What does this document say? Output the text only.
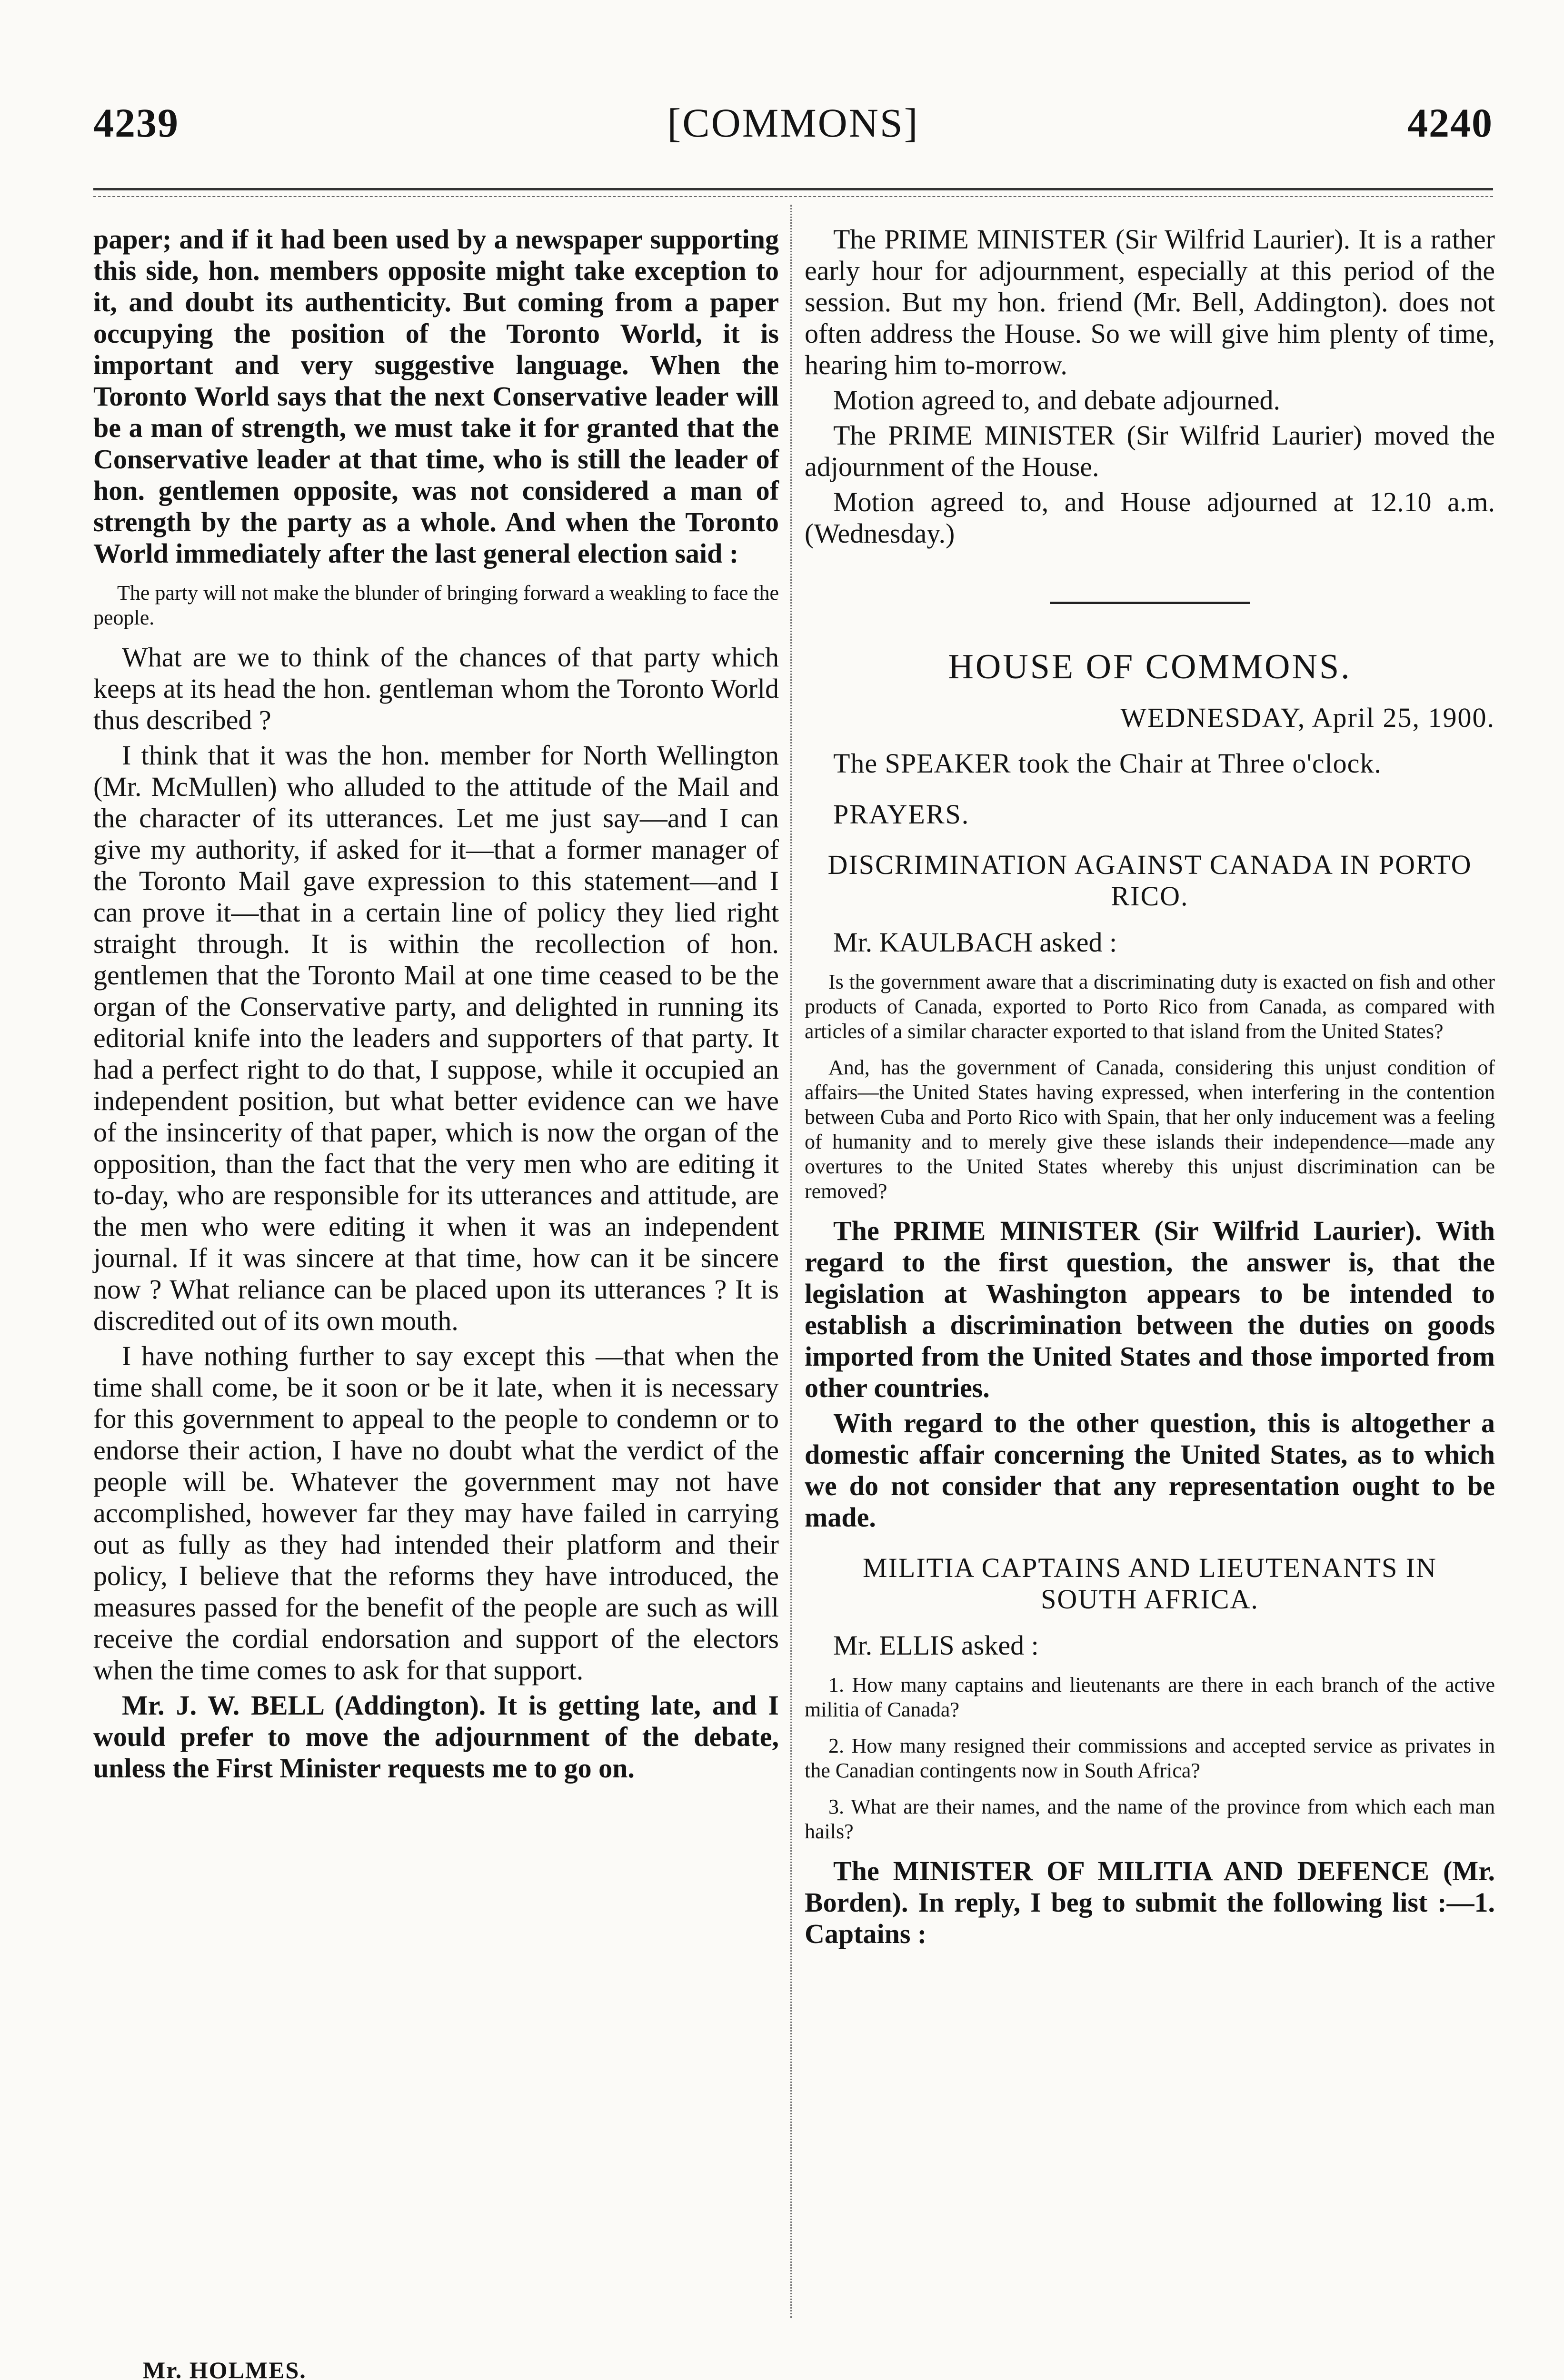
4239	[COMMONS]	4240

paper; and if it had been used by a newspaper supporting this side, hon. members opposite might take exception to it, and doubt its authenticity. But coming from a paper occupying the position of the Toronto World, it is important and very suggestive language. When the Toronto World says that the next Conservative leader will be a man of strength, we must take it for granted that the Conservative leader at that time, who is still the leader of hon. gentlemen opposite, was not considered a man of strength by the party as a whole. And when the Toronto World immediately after the last general election said :

The party will not make the blunder of bringing forward a weakling to face the people.

What are we to think of the chances of that party which keeps at its head the hon. gentleman whom the Toronto World thus described ?

I think that it was the hon. member for North Wellington (Mr. McMullen) who alluded to the attitude of the Mail and the character of its utterances. Let me just say—and I can give my authority, if asked for it—that a former manager of the Toronto Mail gave expression to this statement—and I can prove it—that in a certain line of policy they lied right straight through. It is within the recollection of hon. gentlemen that the Toronto Mail at one time ceased to be the organ of the Conservative party, and delighted in running its editorial knife into the leaders and supporters of that party. It had a perfect right to do that, I suppose, while it occupied an independent position, but what better evidence can we have of the insincerity of that paper, which is now the organ of the opposition, than the fact that the very men who are editing it to-day, who are responsible for its utterances and attitude, are the men who were editing it when it was an independent journal. If it was sincere at that time, how can it be sincere now ? What reliance can be placed upon its utterances ? It is discredited out of its own mouth.

I have nothing further to say except this —that when the time shall come, be it soon or be it late, when it is necessary for this government to appeal to the people to condemn or to endorse their action, I have no doubt what the verdict of the people will be. Whatever the government may not have accomplished, however far they may have failed in carrying out as fully as they had intended their platform and their policy, I believe that the reforms they have introduced, the measures passed for the benefit of the people are such as will receive the cordial endorsation and support of the electors when the time comes to ask for that support.

Mr. J. W. BELL (Addington). It is getting late, and I would prefer to move the adjournment of the debate, unless the First Minister requests me to go on.

The PRIME MINISTER (Sir Wilfrid Laurier). It is a rather early hour for adjournment, especially at this period of the session. But my hon. friend (Mr. Bell, Addington). does not often address the House. So we will give him plenty of time, hearing him to-morrow.

Motion agreed to, and debate adjourned.

The PRIME MINISTER (Sir Wilfrid Laurier) moved the adjournment of the House.

Motion agreed to, and House adjourned at 12.10 a.m. (Wednesday.)

HOUSE OF COMMONS.
WEDNESDAY, April 25, 1900.

The SPEAKER took the Chair at Three o'clock.

PRAYERS.
DISCRIMINATION AGAINST CANADA IN PORTO RICO.
Mr. KAULBACH asked :
Is the government aware that a discriminating duty is exacted on fish and other products of Canada, exported to Porto Rico from Canada, as compared with articles of a similar character exported to that island from the United States?
And, has the government of Canada, considering this unjust condition of affairs—the United States having expressed, when interfering in the contention between Cuba and Porto Rico with Spain, that her only inducement was a feeling of humanity and to merely give these islands their independence—made any overtures to the United States whereby this unjust discrimination can be removed?

The PRIME MINISTER (Sir Wilfrid Laurier). With regard to the first question, the answer is, that the legislation at Washington appears to be intended to establish a discrimination between the duties on goods imported from the United States and those imported from other countries.

With regard to the other question, this is altogether a domestic affair concerning the United States, as to which we do not consider that any representation ought to be made.

MILITIA CAPTAINS AND LIEUTENANTS IN SOUTH AFRICA.
Mr. ELLIS asked :
1. How many captains and lieutenants are there in each branch of the active militia of Canada?
2. How many resigned their commissions and accepted service as privates in the Canadian contingents now in South Africa?
3. What are their names, and the name of the province from which each man hails?

The MINISTER OF MILITIA AND DEFENCE (Mr. Borden). In reply, I beg to submit the following list :—1. Captains :

Mr. HOLMES.
